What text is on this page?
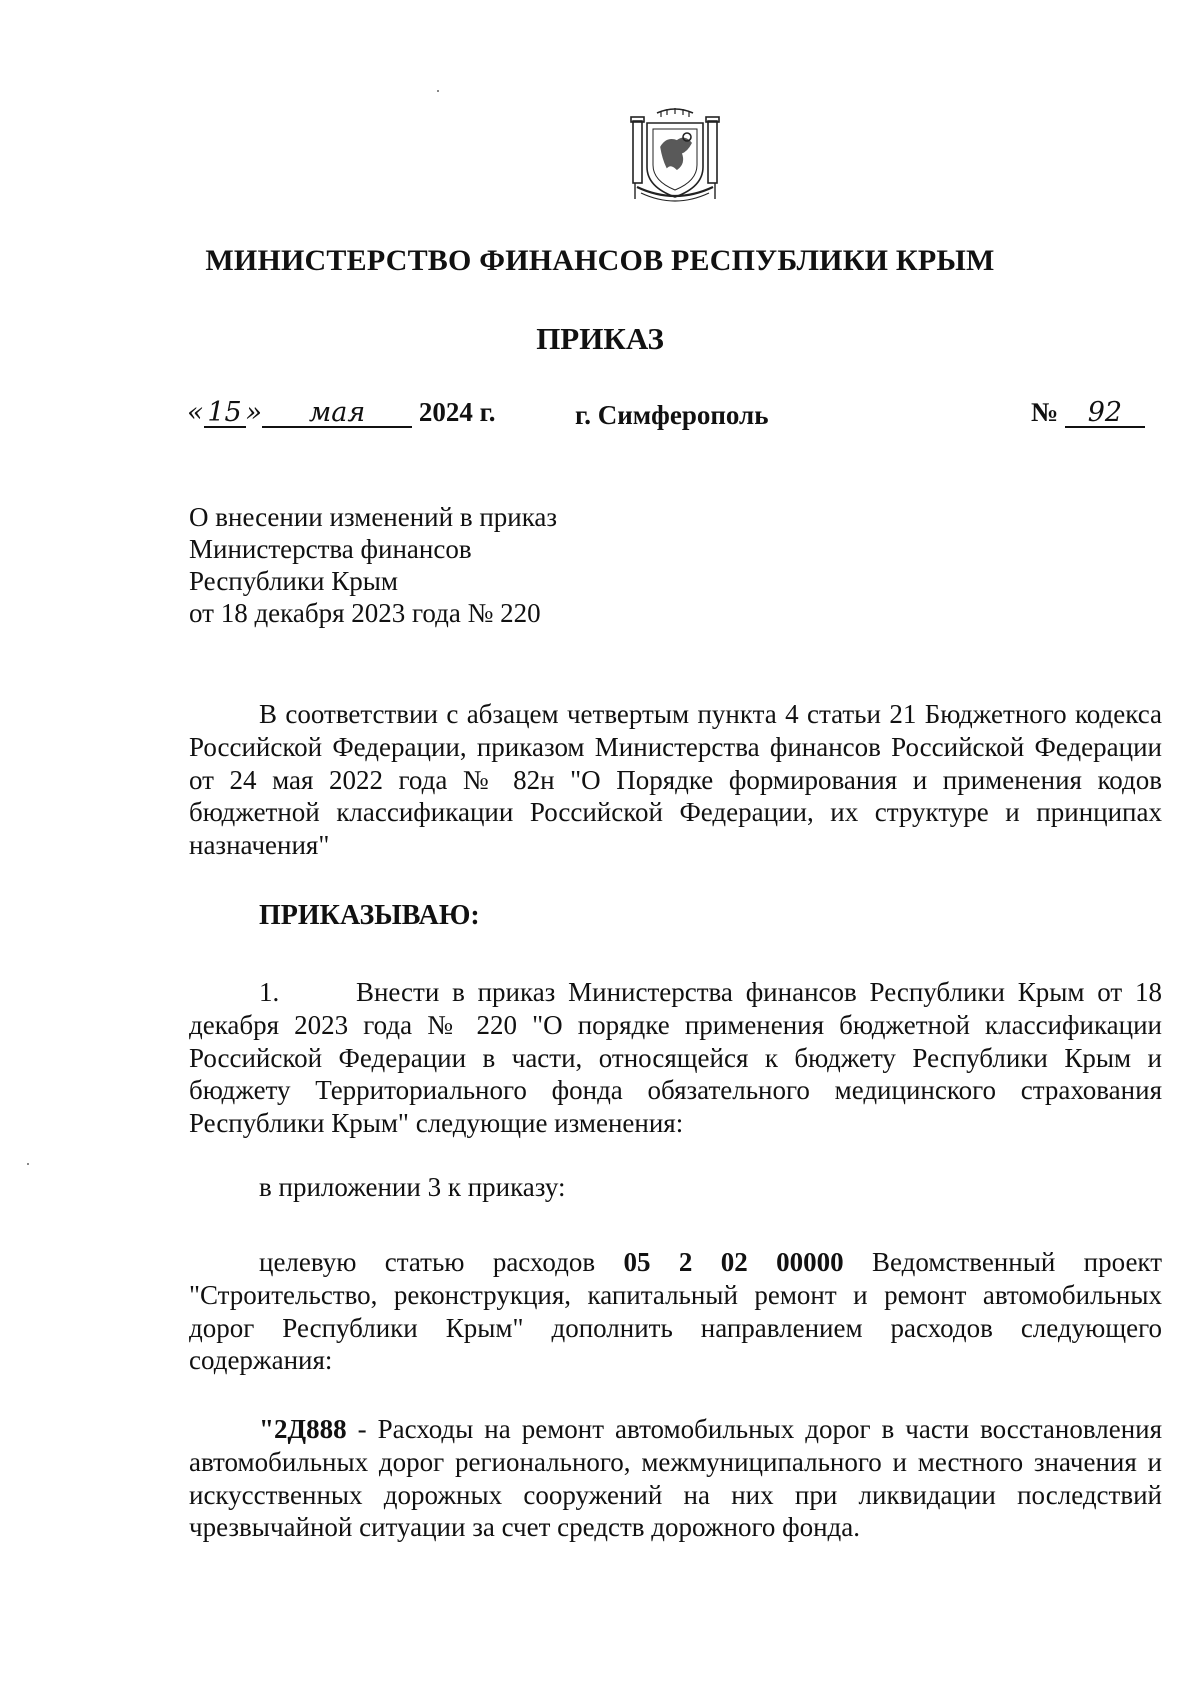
МИНИСТЕРСТВО ФИНАНСОВ РЕСПУБЛИКИ КРЫМ
ПРИКАЗ
« 15 » мая 2024 г.	г. Симферополь	№ 92
О внесении изменений в приказ
Министерства финансов
Республики Крым
от 18 декабря 2023 года № 220
В соответствии с абзацем четвертым пункта 4 статьи 21 Бюджетного кодекса Российской Федерации, приказом Министерства финансов Российской Федерации от 24 мая 2022 года № 82н "О Порядке формирования и применения кодов бюджетной классификации Российской Федерации, их структуре и принципах назначения"
ПРИКАЗЫВАЮ:
1.	Внести в приказ Министерства финансов Республики Крым от 18 декабря 2023 года № 220 "О порядке применения бюджетной классификации Российской Федерации в части, относящейся к бюджету Республики Крым и бюджету Территориального фонда обязательного медицинского страхования Республики Крым" следующие изменения:
в приложении 3 к приказу:
целевую статью расходов 05 2 02 00000 Ведомственный проект "Строительство, реконструкция, капитальный ремонт и ремонт автомобильных дорог Республики Крым" дополнить направлением расходов следующего содержания:
"2Д888 - Расходы на ремонт автомобильных дорог в части восстановления автомобильных дорог регионального, межмуниципального и местного значения и искусственных дорожных сооружений на них при ликвидации последствий чрезвычайной ситуации за счет средств дорожного фонда.
